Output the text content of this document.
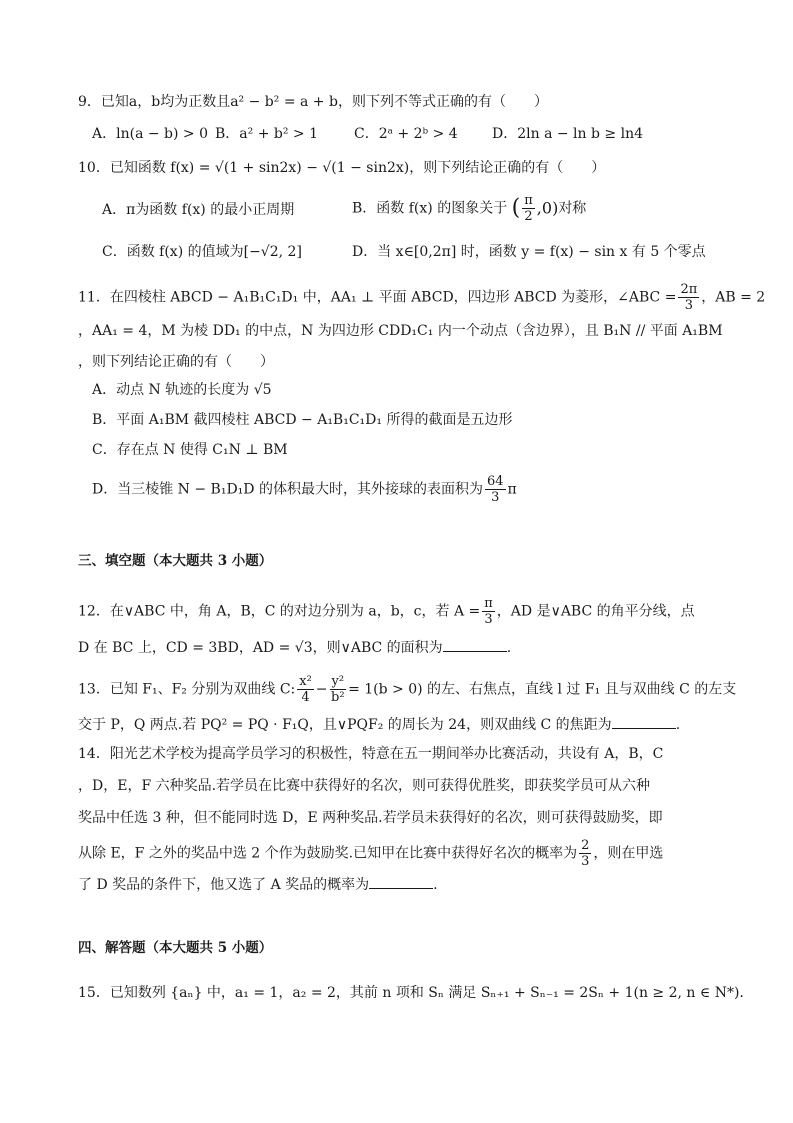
9．已知a，b均为正数且a² − b² = a + b，则下列不等式正确的有（　　）
A．ln(a − b) > 0 B．a² + b² > 1	C．2ᵃ + 2ᵇ > 4 D．2ln a − ln b ≥ ln4
10．已知函数 f(x) = √(1 + sin2x) − √(1 − sin2x)，则下列结论正确的有（　　）
A．π为函数 f(x) 的最小正周期	B．函数 f(x) 的图象关于 ( $\frac{\pi}{2} ,0$)对称
C．函数 f(x) 的值域为[−√2, 2]	D．当 x∈[0,2π] 时，函数 y = f(x) − sin x 有 5 个零点
11．在四棱柱 ABCD − A₁B₁C₁D₁ 中，AA₁ ⊥ 平面 ABCD，四边形 ABCD 为菱形，∠ABC = $\frac{2\pi}{3}$ ，AB = 2
，AA₁ = 4，M 为棱 DD₁ 的中点，N 为四边形 CDD₁C₁ 内一个动点（含边界），且 B₁N // 平面 A₁BM
，则下列结论正确的有（　　）
A．动点 N 轨迹的长度为 √5
B．平面 A₁BM 截四棱柱 ABCD − A₁B₁C₁D₁ 所得的截面是五边形
C．存在点 N 使得 C₁N ⊥ BM
D．当三棱锥 N − B₁D₁D 的体积最大时，其外接球的表面积为 $\frac{64}{3}$ π
三、填空题（本大题共 3 小题）
12．在∨ABC 中，角 A，B，C 的对边分别为 a，b，c，若 $A = \frac{\pi}{3}$ ，AD 是∨ABC 的角平分线，点
D 在 BC 上，CD = 3BD，AD = √3，则∨ABC 的面积为	.
13．已知 F₁、F₂ 分别为双曲线 C: $\frac{\text{x²}}{4} - \frac{\text{y²}}{\text{b²}} = 1(b > 0)$ 的左、右焦点，直线 l 过 F₁ 且与双曲线 C 的左支
交于 P，Q 两点.若 PQ² = PQ · F₁Q，且∨PQF₂ 的周长为 24，则双曲线 C 的焦距为	.
14．阳光艺术学校为提高学员学习的积极性，特意在五一期间举办比赛活动，共设有 A，B，C
，D，E，F 六种奖品.若学员在比赛中获得好的名次，则可获得优胜奖，即获奖学员可从六种
奖品中任选 3 种，但不能同时选 D，E 两种奖品.若学员未获得好的名次，则可获得鼓励奖，即
从除 E，F 之外的奖品中选 2 个作为鼓励奖.已知甲在比赛中获得好名次的概率为 $\frac{2}{3}$ ，则在甲选
了 D 奖品的条件下，他又选了 A 奖品的概率为	.
四、解答题（本大题共 5 小题）
15．已知数列 {aₙ} 中，a₁ = 1，a₂ = 2，其前 n 项和 Sₙ 满足 Sₙ₊₁ + Sₙ₋₁ = 2Sₙ + 1(n ≥ 2, n ∈ N*).
